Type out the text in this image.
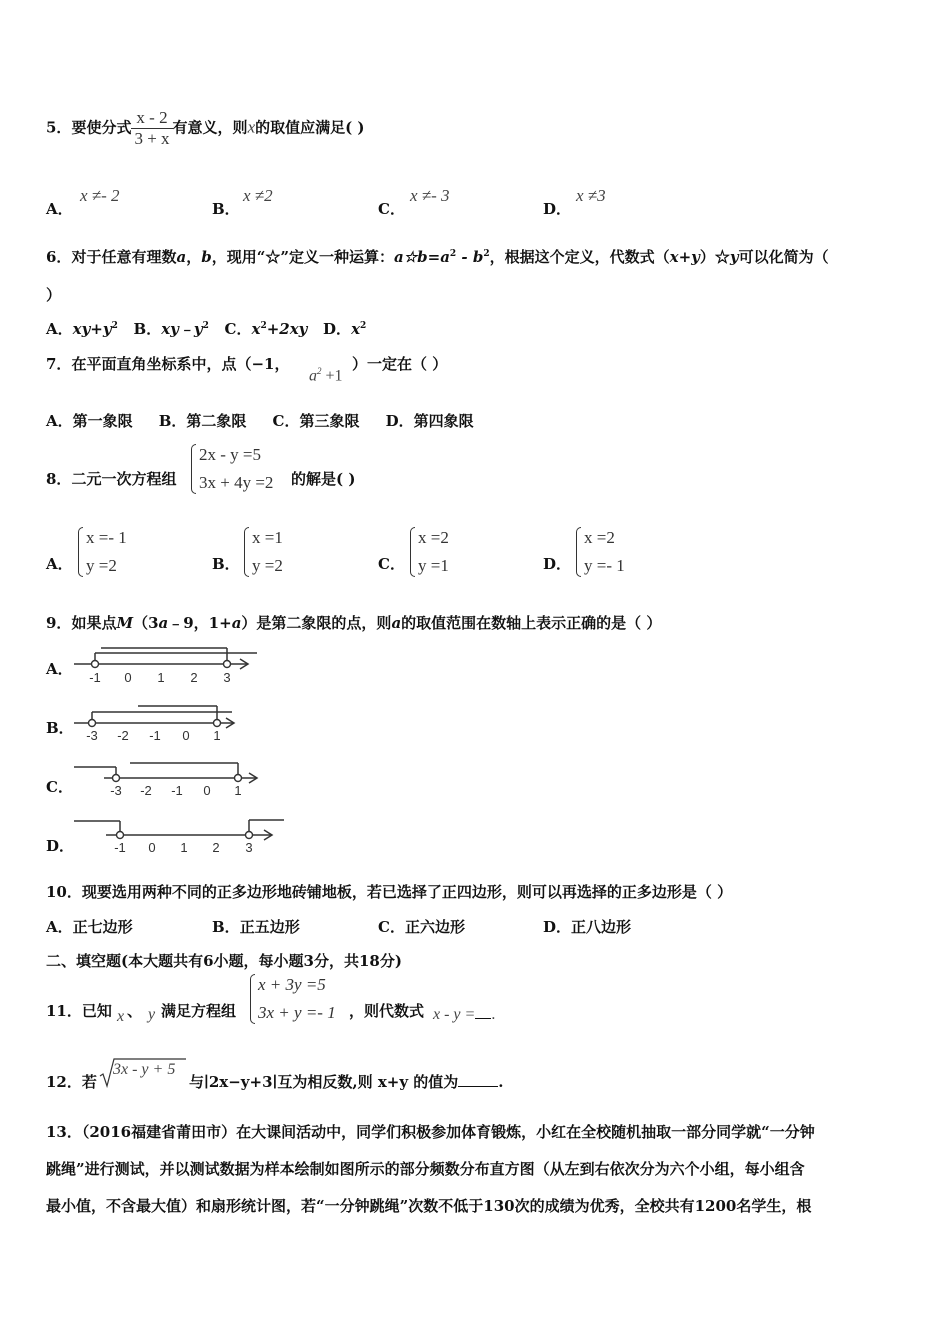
5．要使分式 $\frac{x - 2}{3 + x}$ 有意义，则x的取值应满足( )
A．
x ≠- 2
B．
x ≠2
C．
x ≠- 3
D．
x ≠3
6．对于任意有理数a，b，现用“☆”定义一种运算：$a☆b=a^2 - b^2$，根据这个定义，代数式（x+y）☆y可以化简为（
）
A．$xy+y^2$ B．$xy﹣y^2$ C．$x^2+2xy$ D．$x^2$
7．在平面直角坐标系中，点（−1，
$a^2 +1$
）一定在（ ）
A．第一象限     B．第二象限     C．第三象限     D．第四象限
8．二元一次方程组
2x - y =5
3x + 4y =2 的解是( )
A．
x =- 1
y =2	B．
x =1
y =2	C．
x =2
y =1	D．
x =2
y =- 1
9．如果点M（3a﹣9，1+a）是第二象限的点，则a的取值范围在数轴上表示正确的是（ ）
A． -1 0 1 2 3
B． -3 -2 -1 0 1
C．	-3 -2 -1 0 1
D．	-1 0 1 2 3
10．现要选用两种不同的正多边形地砖铺地板，若已选择了正四边形，则可以再选择的正多边形是（ ）
A．正七边形	B．正五边形	C．正六边形	D．正八边形
二、填空题(本大题共有6小题，每小题3分，共18分)
11．已知 x 、 y 满足方程组
x + 3y =5
3x + y =- 1 ，则代数式 x - y = .
12．若
3x - y + 5
与∣2x−y+3∣互为相反数,则 x+y 的值为	.
13．（2016福建省莆田市）在大课间活动中，同学们积极参加体育锻炼，小红在全校随机抽取一部分同学就“一分钟
跳绳”进行测试，并以测试数据为样本绘制如图所示的部分频数分布直方图（从左到右依次分为六个小组，每小组含
最小值，不含最大值）和扇形统计图，若“一分钟跳绳”次数不低于130次的成绩为优秀，全校共有1200名学生，根
